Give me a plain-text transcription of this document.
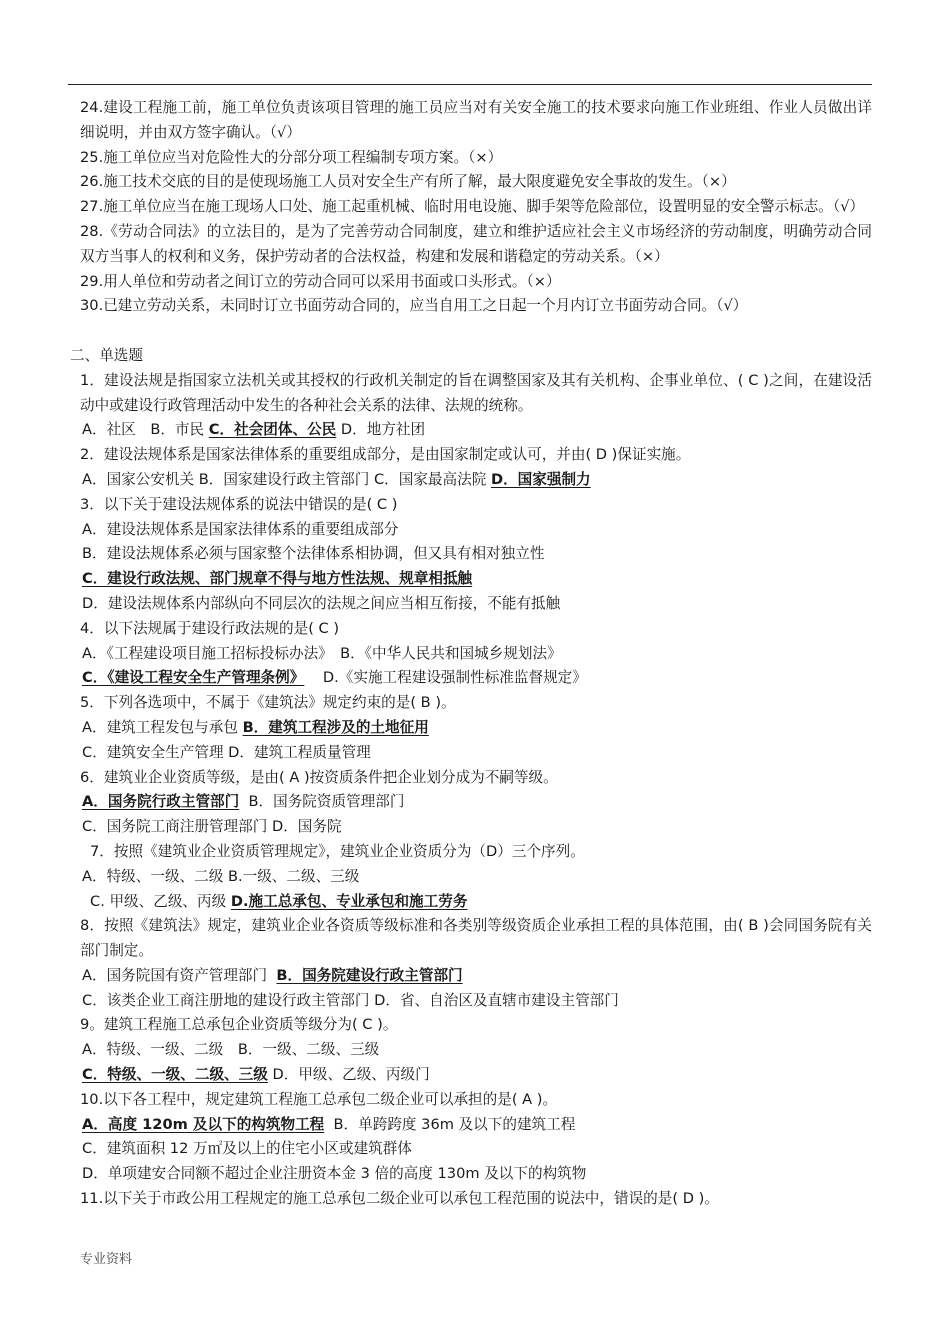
24.建设工程施工前，施工单位负责该项目管理的施工员应当对有关安全施工的技术要求向施工作业班组、作业人员做出详细说明，并由双方签字确认。（√）
25.施工单位应当对危险性大的分部分项工程编制专项方案。（×）
26.施工技术交底的目的是使现场施工人员对安全生产有所了解，最大限度避免安全事故的发生。（×）
27.施工单位应当在施工现场人口处、施工起重机械、临时用电设施、脚手架等危险部位，设置明显的安全警示标志。（√）
28.《劳动合同法》的立法目的，是为了完善劳动合同制度，建立和维护适应社会主义市场经济的劳动制度，明确劳动合同双方当事人的权利和义务，保护劳动者的合法权益，构建和发展和谐稳定的劳动关系。（×）
29.用人单位和劳动者之间订立的劳动合同可以采用书面或口头形式。（×）
30.已建立劳动关系，未同时订立书面劳动合同的，应当自用工之日起一个月内订立书面劳动合同。（√）
二、单选题
1．建设法规是指国家立法机关或其授权的行政机关制定的旨在调整国家及其有关机构、企事业单位、( C )之间，在建设活动中或建设行政管理活动中发生的各种社会关系的法律、法规的统称。
A．社区　B．市民 C．社会团体、公民 D．地方社团
2．建设法规体系是国家法律体系的重要组成部分，是由国家制定或认可，并由( D )保证实施。
A．国家公安机关 B．国家建设行政主管部门 C．国家最高法院 D．国家强制力
3．以下关于建设法规体系的说法中错误的是( C )
A．建设法规体系是国家法律体系的重要组成部分
B．建设法规体系必须与国家整个法律体系相协调，但又具有相对独立性
C．建设行政法规、部门规章不得与地方性法规、规章相抵触
D．建设法规体系内部纵向不同层次的法规之间应当相互衔接，不能有抵触
4．以下法规属于建设行政法规的是( C )
A．《工程建设项目施工招标投标办法》　B．《中华人民共和国城乡规划法》
C．《建设工程安全生产管理条例》 D.《实施工程建设强制性标准监督规定》
5．下列各选项中，不属于《建筑法》规定约束的是( B )。
A．建筑工程发包与承包 B．建筑工程涉及的土地征用
C．建筑安全生产管理 D．建筑工程质量管理
6．建筑业企业资质等级，是由( A )按资质条件把企业划分成为不嗣等级。
A．国务院行政主管部门 B．国务院资质管理部门
C．国务院工商注册管理部门 D．国务院
7．按照《建筑业企业资质管理规定》，建筑业企业资质分为（D）三个序列。
A．特级、一级、二级 B.一级、二级、三级
C. 甲级、乙级、丙级 D.施工总承包、专业承包和施工劳务
8．按照《建筑法》规定，建筑业企业各资质等级标准和各类别等级资质企业承担工程的具体范围，由( B )会同国务院有关部门制定。
A．国务院国有资产管理部门 B．国务院建设行政主管部门
C．该类企业工商注册地的建设行政主管部门 D．省、自治区及直辖市建设主管部门
9。建筑工程施工总承包企业资质等级分为( C )。
A．特级、一级、二级　B．一级、二级、三级
C．特级、一级、二级、三级 D．甲级、乙级、丙级门
10.以下各工程中，规定建筑工程施工总承包二级企业可以承担的是( A )。
A．高度 120m 及以下的构筑物工程 B．单跨跨度 36m 及以下的建筑工程
C．建筑面积 12 万㎡及以上的住宅小区或建筑群体
D．单项建安合同额不超过企业注册资本金 3 倍的高度 130m 及以下的构筑物
11.以下关于市政公用工程规定的施工总承包二级企业可以承包工程范围的说法中，错误的是( D )。
专业资料
